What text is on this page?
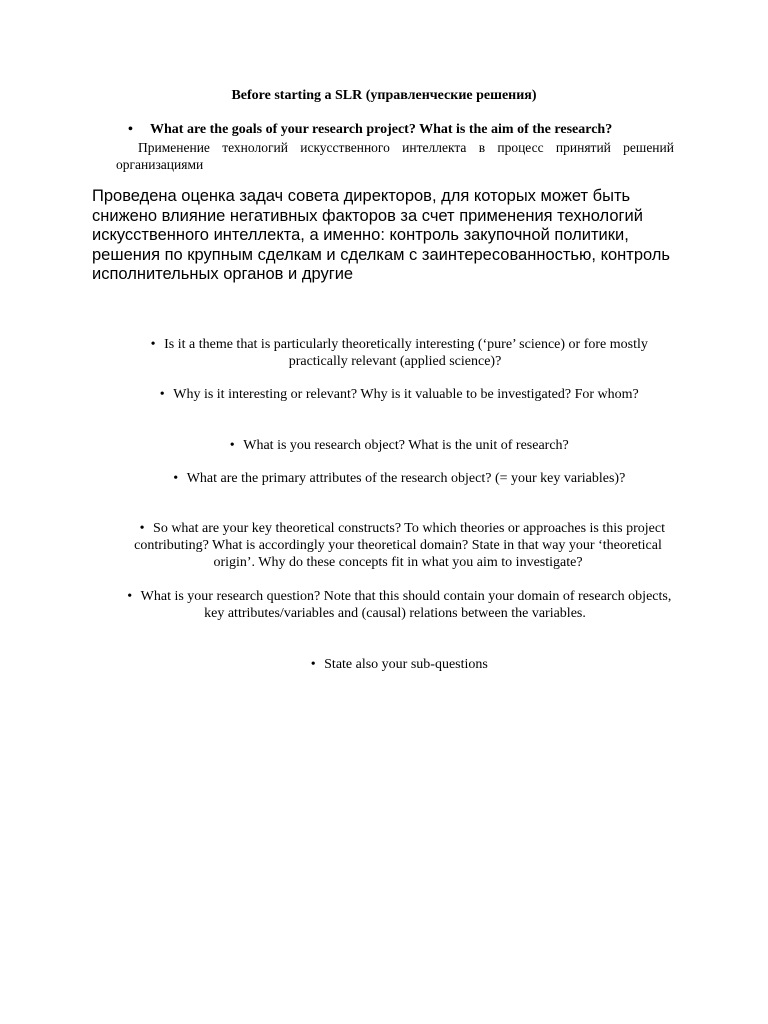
Before starting a SLR (управленческие решения)
• What are the goals of your research project? What is the aim of the research?
Применение технологий искусственного интеллекта в процесс принятий решений организациями
Проведена оценка задач совета директоров, для которых может быть снижено влияние негативных факторов за счет применения технологий искусственного интеллекта, а именно: контроль закупочной политики, решения по крупным сделкам и сделкам с заинтересованностью, контроль исполнительных органов и другие
• Is it a theme that is particularly theoretically interesting (‘pure’ science) or fore mostly practically relevant (applied science)?
• Why is it interesting or relevant? Why is it valuable to be investigated? For whom?
• What is you research object? What is the unit of research?
• What are the primary attributes of the research object? (= your key variables)?
• So what are your key theoretical constructs? To which theories or approaches is this project contributing? What is accordingly your theoretical domain? State in that way your ‘theoretical origin’. Why do these concepts fit in what you aim to investigate?
• What is your research question? Note that this should contain your domain of research objects, key attributes/variables and (causal) relations between the variables.
• State also your sub-questions
